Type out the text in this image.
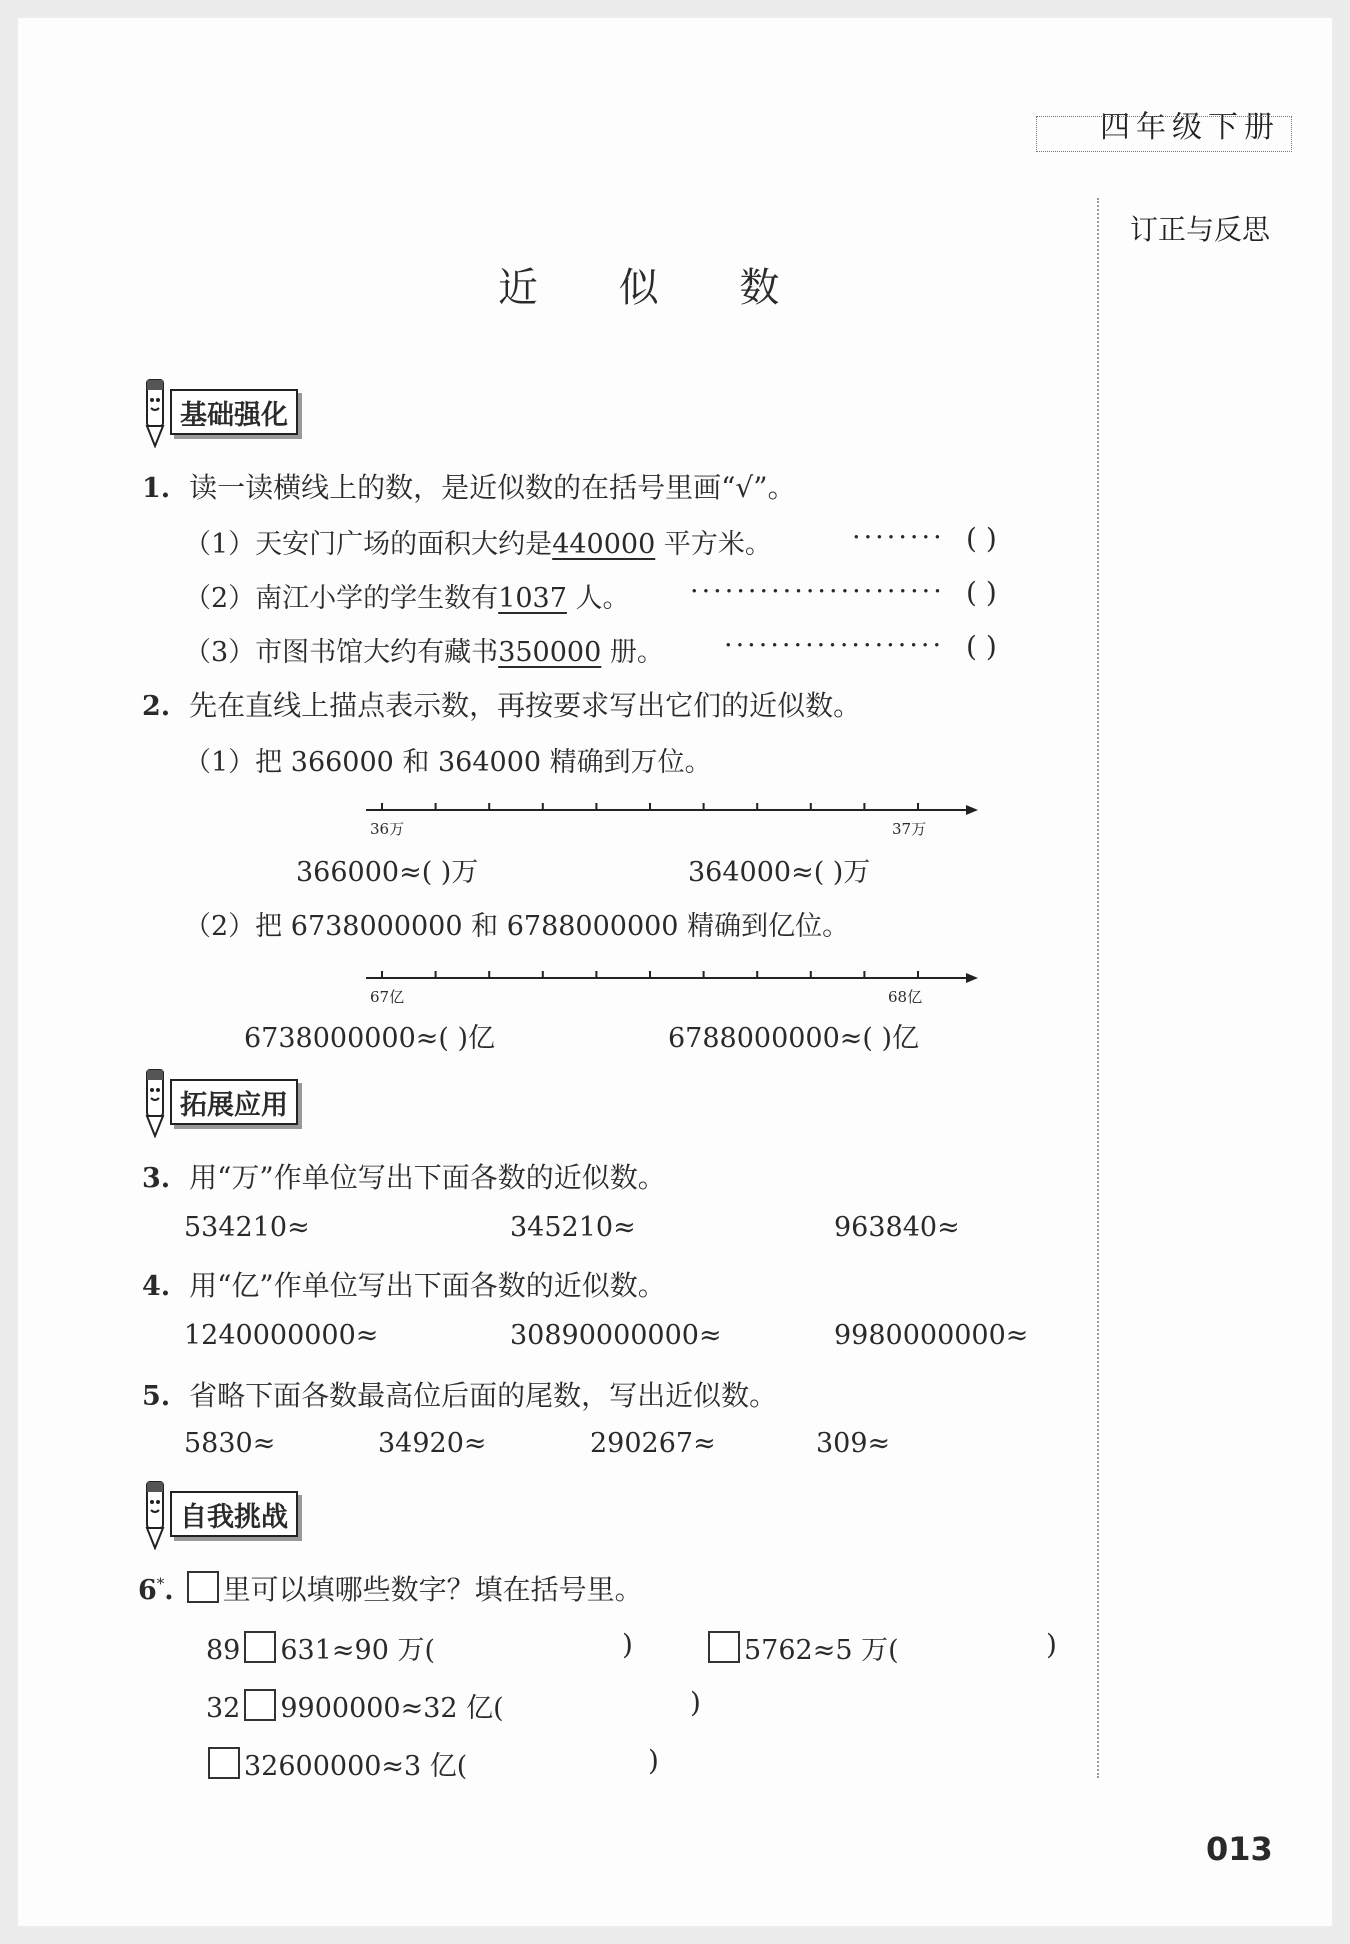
四年级下册
订正与反思
近 似 数
基础强化
1. 读一读横线上的数，是近似数的在括号里画“√”。
（1）天安门广场的面积大约是440000 平方米。	········ ( )
（2）南江小学的学生数有1037 人。 ······················ ( )
（3）市图书馆大约有藏书350000 册。 ··················· ( )
2. 先在直线上描点表示数，再按要求写出它们的近似数。
（1）把 366000 和 364000 精确到万位。
36万	37万
366000≈( )万	364000≈( )万
（2）把 6738000000 和 6788000000 精确到亿位。
67亿	68亿
6738000000≈( )亿	6788000000≈( )亿
拓展应用
3. 用“万”作单位写出下面各数的近似数。
534210≈	345210≈	963840≈
4. 用“亿”作单位写出下面各数的近似数。
1240000000≈	30890000000≈	9980000000≈
5. 省略下面各数最高位后面的尾数，写出近似数。
5830≈	34920≈	290267≈	309≈
自我挑战
6*. 里可以填哪些数字？填在括号里。
89 631≈90 万(	)	5762≈5 万(	)
32 9900000≈32 亿(	)
32600000≈3 亿(	)
013
